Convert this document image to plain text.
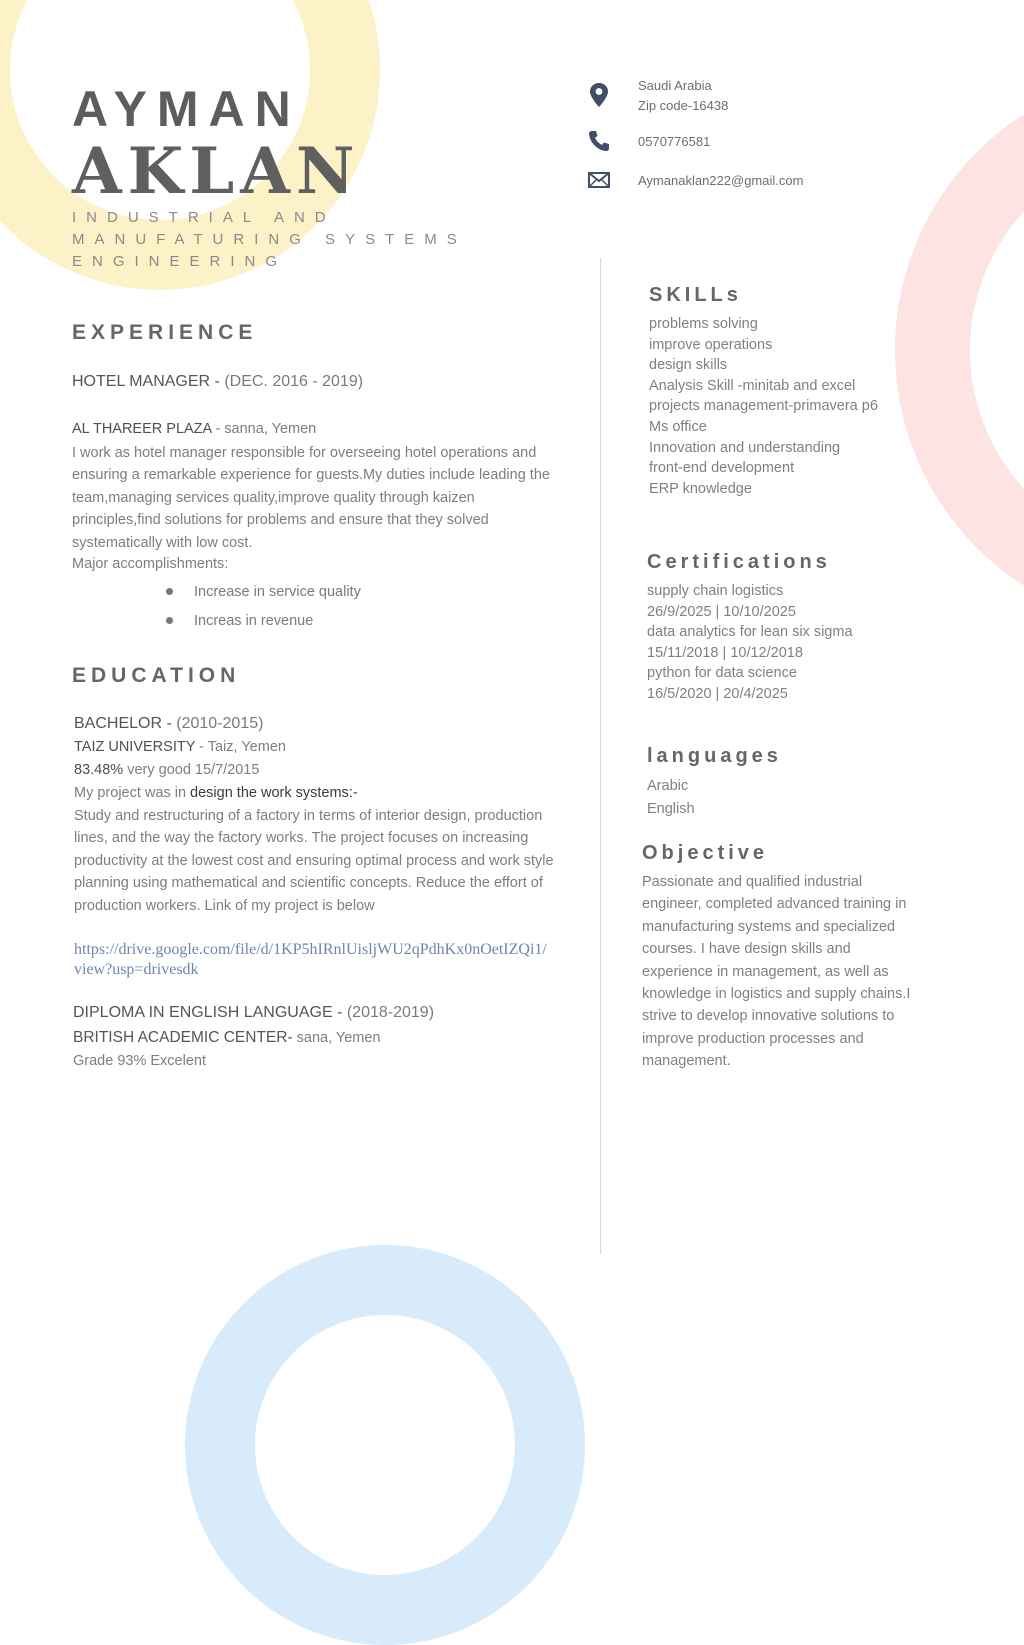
AYMAN
AKLAN
INDUSTRIAL AND
MANUFATURING SYSTEMS
ENGINEERING
Saudi Arabia
Zip code-16438
0570776581
Aymanaklan222@gmail.com
EXPERIENCE
HOTEL MANAGER - (DEC. 2016 - 2019)
AL THAREER PLAZA - sanna, Yemen
I work as hotel manager responsible for overseeing hotel operations and ensuring a remarkable experience for guests.My duties include leading the team,managing services quality,improve quality through kaizen principles,find solutions for problems and ensure that they solved systematically with low cost.
Major accomplishments:
Increase in service quality
Increas in revenue
EDUCATION
BACHELOR - (2010-2015)
TAIZ UNIVERSITY - Taiz, Yemen
83.48% very good 15/7/2015
My project was in design the work systems:-
Study and restructuring of a factory in terms of interior design, production lines, and the way the factory works. The project focuses on increasing productivity at the lowest cost and ensuring optimal process and work style planning using mathematical and scientific concepts. Reduce the effort of production workers. Link of my project is below
https://drive.google.com/file/d/1KP5hIRnlUisljWU2qPdhKx0nOetIZQi1/view?usp=drivesdk
DIPLOMA IN ENGLISH LANGUAGE - (2018-2019)
BRITISH ACADEMIC CENTER- sana, Yemen
Grade 93% Excelent
SKILLs
problems solving
improve operations
design skills
Analysis Skill -minitab and excel
projects management-primavera p6
Ms office
Innovation and understanding
front-end development
ERP knowledge
Certifications
supply chain logistics
26/9/2025 | 10/10/2025
data analytics for lean six sigma
15/11/2018 | 10/12/2018
python for data science
16/5/2020 | 20/4/2025
languages
Arabic
English
Objective
Passionate and qualified industrial engineer, completed advanced training in manufacturing systems and specialized courses. I have design skills and experience in management, as well as knowledge in logistics and supply chains.I strive to develop innovative solutions to improve production processes and management.
